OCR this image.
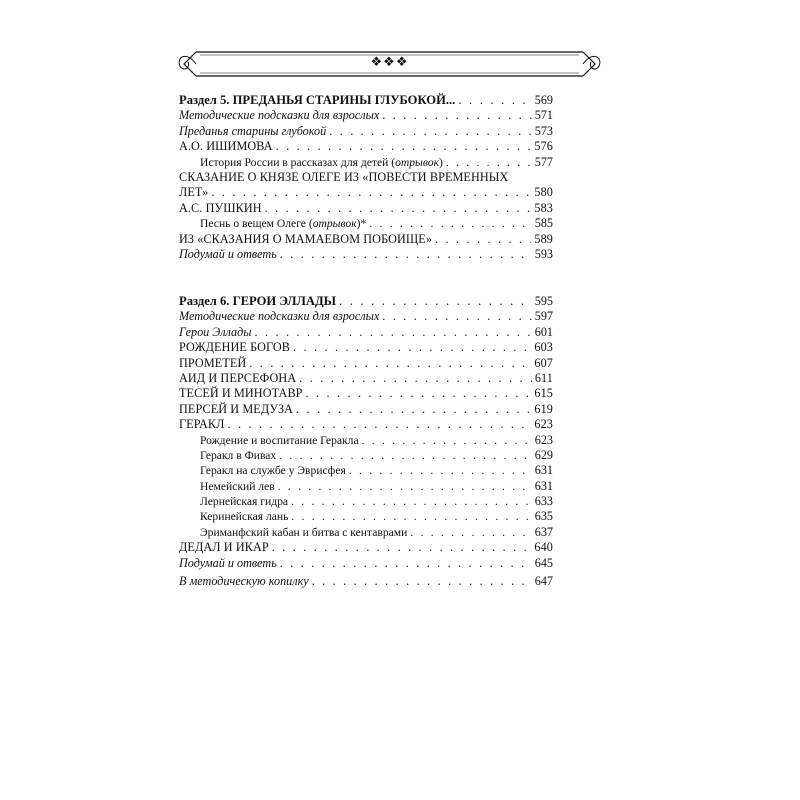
❖❖❖
Раздел 5. ПРЕДАНЬЯ СТАРИНЫ ГЛУБОКОЙ... . . .	569
Методические подсказки для взрослых . . .	571
Преданья старины глубокой . . .	573
А.О. ИШИМОВА . . .	576
История России в рассказах для детей (отрывок) . . .	577
СКАЗАНИЕ О КНЯЗЕ ОЛЕГЕ ИЗ «ПОВЕСТИ ВРЕМЕННЫХ
ЛЕТ» . . .	580
А.С. ПУШКИН . . .	583
Песнь о вещем Олеге (отрывок)* . . .	585
ИЗ «СКАЗАНИЯ О МАМАЕВОМ ПОБОИЩЕ» . . .	589
Подумай и ответь . . .	593
Раздел 6. ГЕРОИ ЭЛЛАДЫ . . .	595
Методические подсказки для взрослых . . .	597
Герои Эллады . . .	601
РОЖДЕНИЕ БОГОВ . . .	603
ПРОМЕТЕЙ . . .	607
АИД И ПЕРСЕФОНА . . .	611
ТЕСЕЙ И МИНОТАВР . . .	615
ПЕРСЕЙ И МЕДУЗА . . .	619
ГЕРАКЛ . . .	623
Рождение и воспитание Геракла . . .	623
Геракл в Фивах . . .	629
Геракл на службе у Эврисфея . . .	631
Немейский лев . . .	631
Лернейская гидра . . .	633
Керинейская лань . . .	635
Эриманфский кабан и битва с кентаврами . . .	637
ДЕДАЛ И ИКАР . . .	640
Подумай и ответь . . .	645
В методическую копилку . . .	647
